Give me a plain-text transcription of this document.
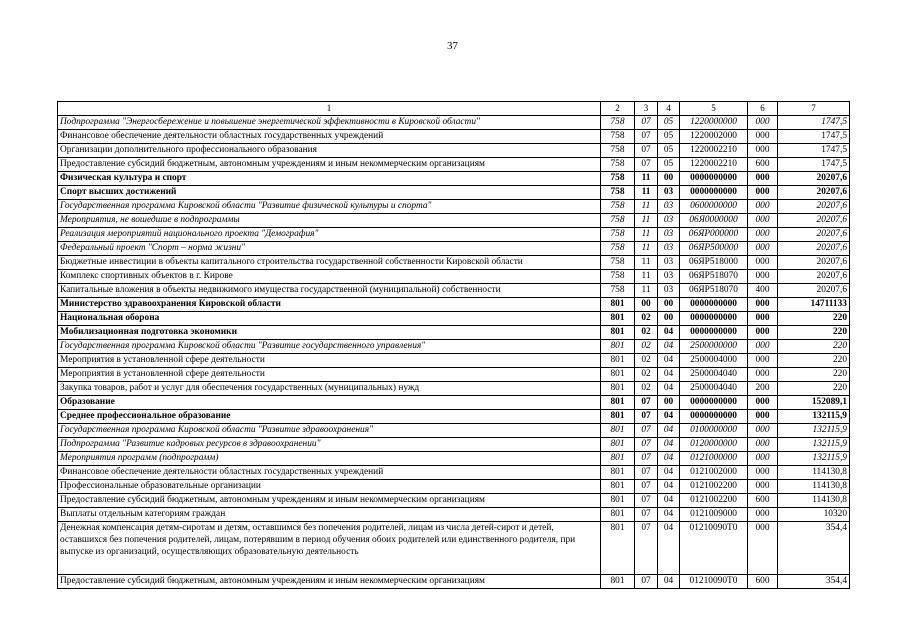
37
1	2	3	4	5	6	7
Подпрограмма "Энергосбережение и повышение энергетической эффективности в Кировской области"	758	07	05	1220000000	000	1747,5
Финансовое обеспечение деятельности областных государственных учреждений	758	07	05	1220002000	000	1747,5
Организации дополнительного профессионального образования	758	07	05	1220002210	000	1747,5
Предоставление субсидий бюджетным, автономным учреждениям и иным некоммерческим организациям	758	07	05	1220002210	600	1747,5
Физическая культура и спорт	758	11	00	0000000000	000	20207,6
Спорт высших достижений	758	11	03	0000000000	000	20207,6
Государственная программа Кировской области "Развитие физической культуры и спорта"	758	11	03	0600000000	000	20207,6
Мероприятия, не вошедшие в подпрограммы	758	11	03	06Я0000000	000	20207,6
Реализация мероприятий национального проекта "Демография"	758	11	03	06ЯP000000	000	20207,6
Федеральный проект "Спорт – норма жизни"	758	11	03	06ЯP500000	000	20207,6
Бюджетные инвестиции в объекты капитального строительства государственной собственности Кировской области	758	11	03	06ЯP518000	000	20207,6
Комплекс спортивных объектов в г. Кирове	758	11	03	06ЯP518070	000	20207,6
Капитальные вложения в объекты недвижимого имущества государственной (муниципальной) собственности	758	11	03	06ЯP518070	400	20207,6
Министерство здравоохранения Кировской области	801	00	00	0000000000	000	14711133
Национальная оборона	801	02	00	0000000000	000	220
Мобилизационная подготовка экономики	801	02	04	0000000000	000	220
Государственная программа Кировской области "Развитие государственного управления"	801	02	04	2500000000	000	220
Мероприятия в установленной сфере деятельности	801	02	04	2500004000	000	220
Мероприятия в установленной сфере деятельности	801	02	04	2500004040	000	220
Закупка товаров, работ и услуг для обеспечения государственных (муниципальных) нужд	801	02	04	2500004040	200	220
Образование	801	07	00	0000000000	000	152089,1
Среднее профессиональное образование	801	07	04	0000000000	000	132115,9
Государственная программа Кировской области "Развитие здравоохранения"	801	07	04	0100000000	000	132115,9
Подпрограмма "Развитие кадровых ресурсов в здравоохранении"	801	07	04	0120000000	000	132115,9
Мероприятия программ (подпрограмм)	801	07	04	0121000000	000	132115,9
Финансовое обеспечение деятельности областных государственных учреждений	801	07	04	0121002000	000	114130,8
Профессиональные образовательные организации	801	07	04	0121002200	000	114130,8
Предоставление субсидий бюджетным, автономным учреждениям и иным некоммерческим организациям	801	07	04	0121002200	600	114130,8
Выплаты отдельным категориям граждан	801	07	04	0121009000	000	10320
Денежная компенсация детям-сиротам и детям, оставшимся без попечения родителей, лицам из числа детей-сирот и детей, оставшихся без попечения родителей, лицам, потерявшим в период обучения обоих родителей или единственного родителя, при выпуске из организаций, осуществляющих образовательную деятельность	801	07	04	01210090T0	000	354,4
Предоставление субсидий бюджетным, автономным учреждениям и иным некоммерческим организациям	801	07	04	01210090T0	600	354,4
